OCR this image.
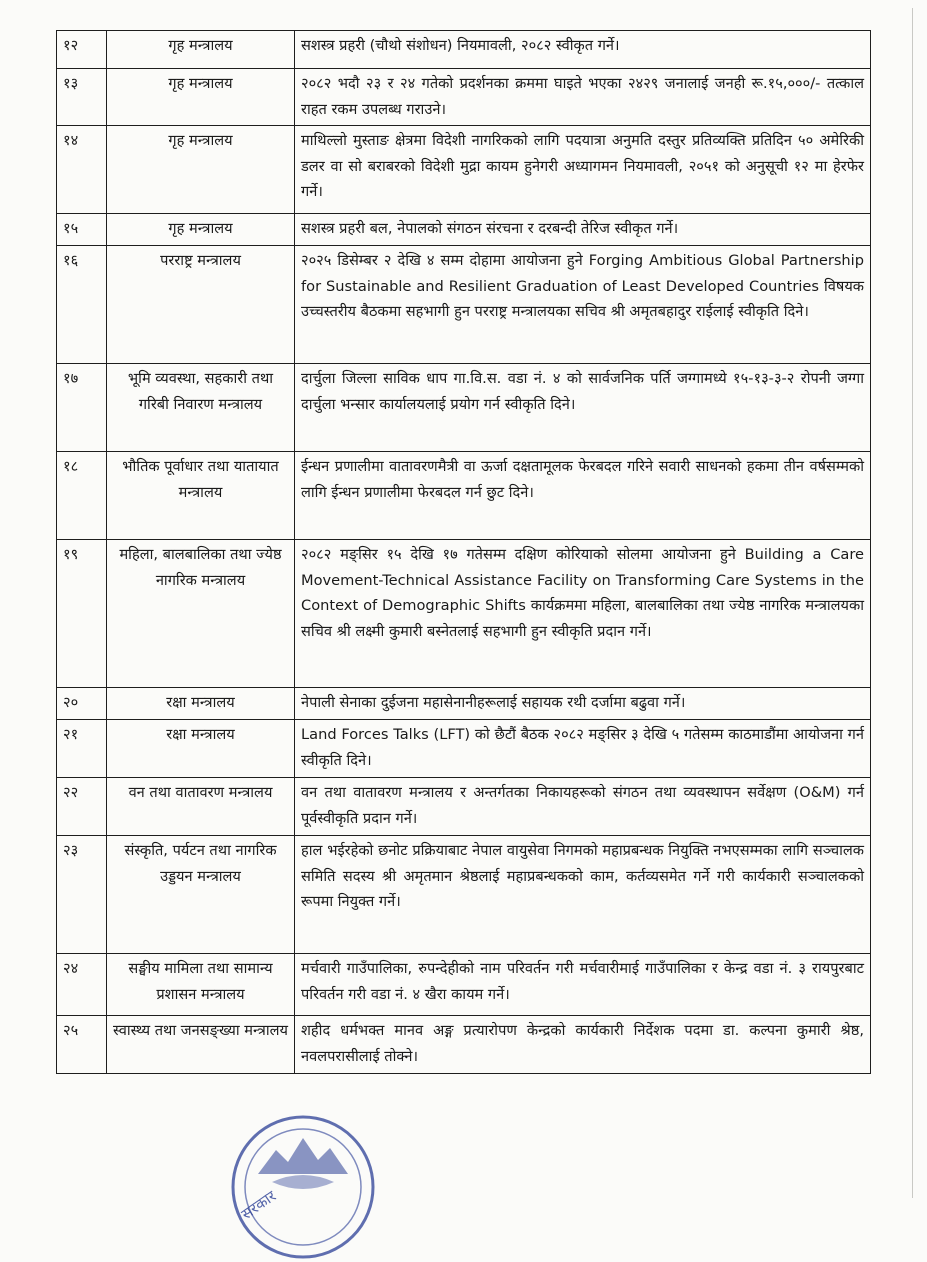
१२	गृह मन्त्रालय	सशस्त्र प्रहरी (चौथो संशोधन) नियमावली, २०८२ स्वीकृत गर्ने।
१३	गृह मन्त्रालय	२०८२ भदौ २३ र २४ गतेको प्रदर्शनका क्रममा घाइते भएका २४२९ जनालाई जनही रू.१५,०००/- तत्काल राहत रकम उपलब्ध गराउने।
१४	गृह मन्त्रालय	माथिल्लो मुस्ताङ क्षेत्रमा विदेशी नागरिकको लागि पदयात्रा अनुमति दस्तुर प्रतिव्यक्ति प्रतिदिन ५० अमेरिकी डलर वा सो बराबरको विदेशी मुद्रा कायम हुनेगरी अध्यागमन नियमावली, २०५१ को अनुसूची १२ मा हेरफेर गर्ने।
१५	गृह मन्त्रालय	सशस्त्र प्रहरी बल, नेपालको संगठन संरचना र दरबन्दी तेरिज स्वीकृत गर्ने।
१६	परराष्ट्र मन्त्रालय	२०२५ डिसेम्बर २ देखि ४ सम्म दोहामा आयोजना हुने Forging Ambitious Global Partnership for Sustainable and Resilient Graduation of Least Developed Countries विषयक उच्चस्तरीय बैठकमा सहभागी हुन परराष्ट्र मन्त्रालयका सचिव श्री अमृतबहादुर राईलाई स्वीकृति दिने।
१७	भूमि व्यवस्था, सहकारी तथा गरिबी निवारण मन्त्रालय	दार्चुला जिल्ला साविक धाप गा.वि.स. वडा नं. ४ को सार्वजनिक पर्ति जग्गामध्ये १५-१३-३-२ रोपनी जग्गा दार्चुला भन्सार कार्यालयलाई प्रयोग गर्न स्वीकृति दिने।
१८	भौतिक पूर्वाधार तथा यातायात मन्त्रालय	ईन्धन प्रणालीमा वातावरणमैत्री वा ऊर्जा दक्षतामूलक फेरबदल गरिने सवारी साधनको हकमा तीन वर्षसम्मको लागि ईन्धन प्रणालीमा फेरबदल गर्न छुट दिने।
१९	महिला, बालबालिका तथा ज्येष्ठ नागरिक मन्त्रालय	२०८२ मङ्सिर १५ देखि १७ गतेसम्म दक्षिण कोरियाको सोलमा आयोजना हुने Building a Care Movement-Technical Assistance Facility on Transforming Care Systems in the Context of Demographic Shifts कार्यक्रममा महिला, बालबालिका तथा ज्येष्ठ नागरिक मन्त्रालयका सचिव श्री लक्ष्मी कुमारी बस्नेतलाई सहभागी हुन स्वीकृति प्रदान गर्ने।
२०	रक्षा मन्त्रालय	नेपाली सेनाका दुईजना महासेनानीहरूलाई सहायक रथी दर्जामा बढुवा गर्ने।
२१	रक्षा मन्त्रालय	Land Forces Talks (LFT) को छैटौं बैठक २०८२ मङ्सिर ३ देखि ५ गतेसम्म काठमाडौंमा आयोजना गर्न स्वीकृति दिने।
२२	वन तथा वातावरण मन्त्रालय	वन तथा वातावरण मन्त्रालय र अन्तर्गतका निकायहरूको संगठन तथा व्यवस्थापन सर्वेक्षण (O&M) गर्न पूर्वस्वीकृति प्रदान गर्ने।
२३	संस्कृति, पर्यटन तथा नागरिक उड्डयन मन्त्रालय	हाल भईरहेको छनोट प्रक्रियाबाट नेपाल वायुसेवा निगमको महाप्रबन्धक नियुक्ति नभएसम्मका लागि सञ्चालक समिति सदस्य श्री अमृतमान श्रेष्ठलाई महाप्रबन्धकको काम, कर्तव्यसमेत गर्ने गरी कार्यकारी सञ्चालकको रूपमा नियुक्त गर्ने।
२४	सङ्घीय मामिला तथा सामान्य प्रशासन मन्त्रालय	मर्चवारी गाउँपालिका, रुपन्देहीको नाम परिवर्तन गरी मर्चवारीमाई गाउँपालिका र केन्द्र वडा नं. ३ रायपुरबाट परिवर्तन गरी वडा नं. ४ खैरा कायम गर्ने।
२५	स्वास्थ्य तथा जनसङ्ख्या मन्त्रालय	शहीद धर्मभक्त मानव अङ्ग प्रत्यारोपण केन्द्रको कार्यकारी निर्देशक पदमा डा. कल्पना कुमारी श्रेष्ठ, नवलपरासीलाई तोक्ने।
सरकार
